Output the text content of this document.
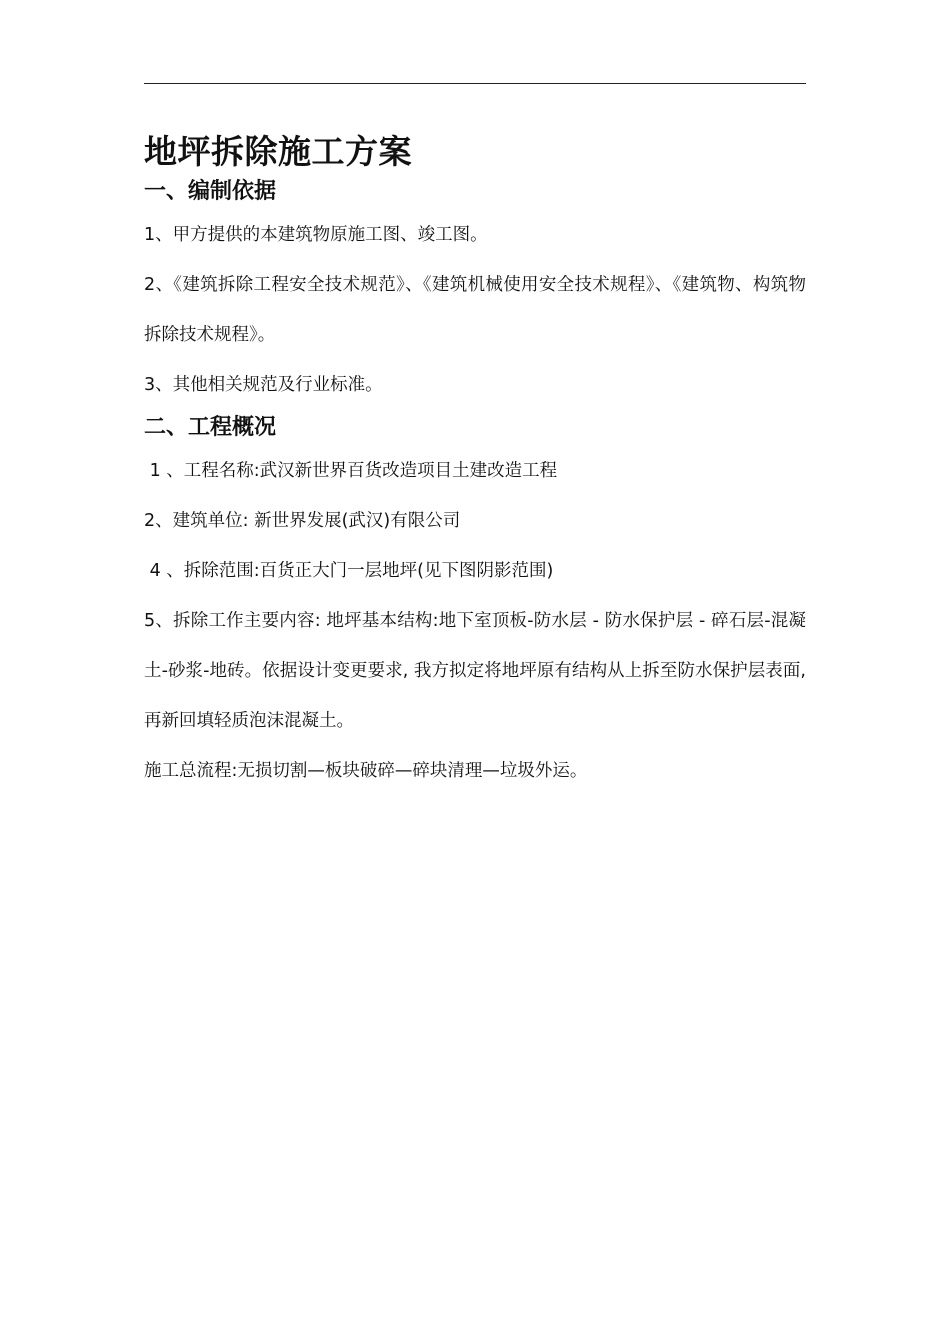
地坪拆除施工方案
一、编制依据

1、甲方提供的本建筑物原施工图、竣工图。

2、《建筑拆除工程安全技术规范》、《建筑机械使用安全技术规程》、《建筑物、构筑物拆除技术规程》。

3、其他相关规范及行业标准。

二、工程概况

1 、工程名称:武汉新世界百货改造项目土建改造工程

2、建筑单位: 新世界发展(武汉)有限公司

4 、拆除范围:百货正大门一层地坪(见下图阴影范围)

5、拆除工作主要内容: 地坪基本结构:地下室顶板-防水层 - 防水保护层 - 碎石层-混凝土-砂浆-地砖。依据设计变更要求, 我方拟定将地坪原有结构从上拆至防水保护层表面,再新回填轻质泡沫混凝土。

施工总流程:无损切割—板块破碎—碎块清理—垃圾外运。
